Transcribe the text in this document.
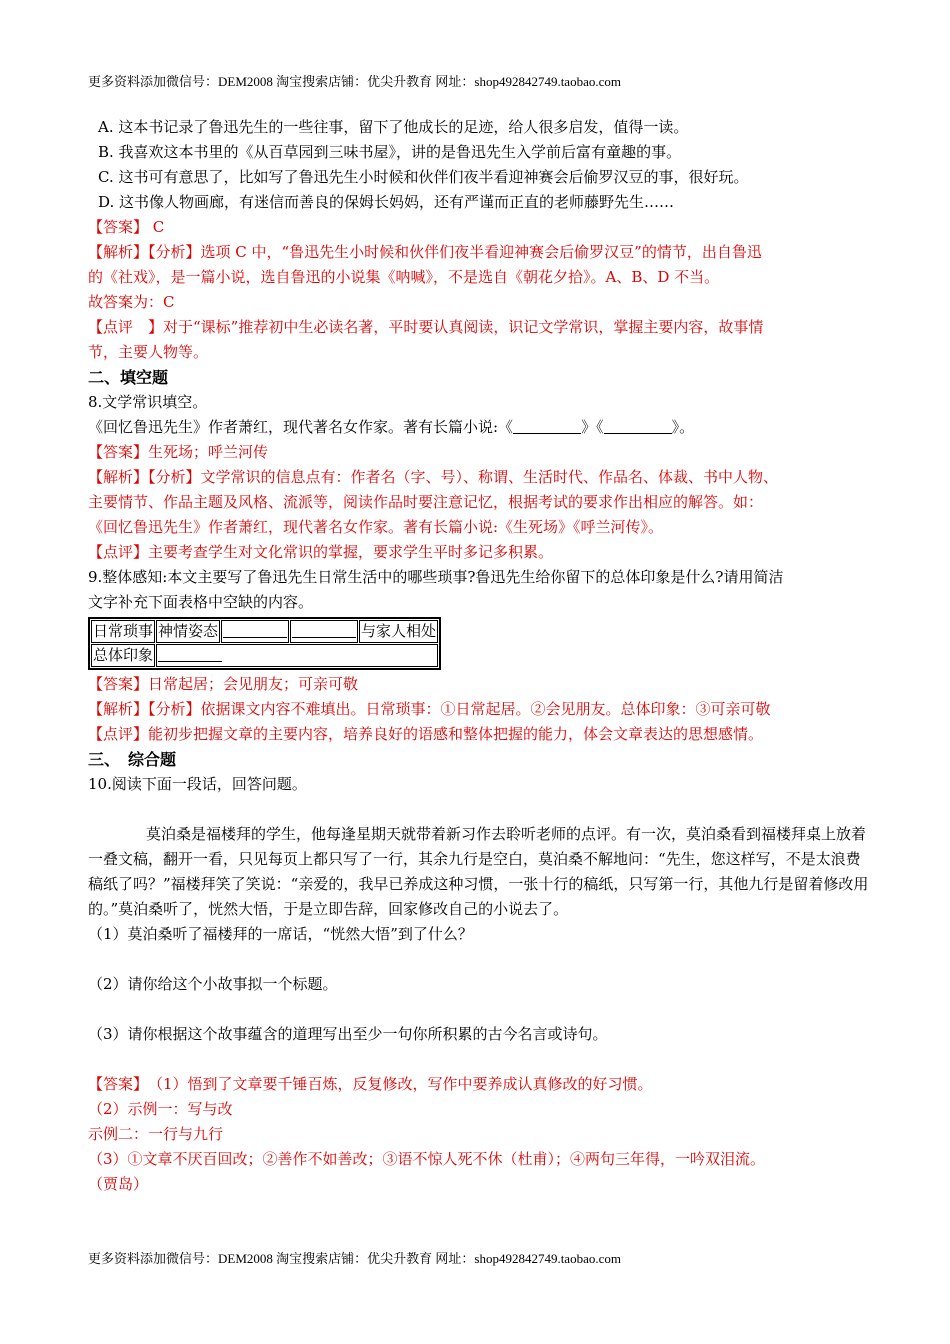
更多资料添加微信号：DEM2008 淘宝搜索店铺：优尖升教育 网址：shop492842749.taobao.com
A. 这本书记录了鲁迅先生的一些往事，留下了他成长的足迹，给人很多启发，值得一读。
B. 我喜欢这本书里的《从百草园到三味书屋》，讲的是鲁迅先生入学前后富有童趣的事。
C. 这书可有意思了，比如写了鲁迅先生小时候和伙伴们夜半看迎神赛会后偷罗汉豆的事，很好玩。
D. 这书像人物画廊，有迷信而善良的保姆长妈妈，还有严谨而正直的老师藤野先生……
【答案】 C
【解析】【分析】选项 C 中，“鲁迅先生小时候和伙伴们夜半看迎神赛会后偷罗汉豆”的情节，出自鲁迅
的《社戏》，是一篇小说，选自鲁迅的小说集《呐喊》，不是选自《朝花夕拾》。A、B、D 不当。
故答案为：C
【点评　】对于“课标”推荐初中生必读名著，平时要认真阅读，识记文学常识，掌握主要内容，故事情
节，主要人物等。
二、填空题
8.文学常识填空。
《回忆鲁迅先生》作者萧红，现代著名女作家。著有长篇小说:《	》《	》。
【答案】生死场；呼兰河传
【解析】【分析】文学常识的信息点有：作者名（字、号）、称谓、生活时代、作品名、体裁、书中人物、
主要情节、作品主题及风格、流派等，阅读作品时要注意记忆，根据考试的要求作出相应的解答。如：
《回忆鲁迅先生》作者萧红，现代著名女作家。著有长篇小说:《生死场》《呼兰河传》。
【点评】主要考查学生对文化常识的掌握，要求学生平时多记多积累。
9.整体感知:本文主要写了鲁迅先生日常生活中的哪些琐事?鲁迅先生给你留下的总体印象是什么?请用简洁
文字补充下面表格中空缺的内容。
日常琐事	神情姿态			与家人相处
总体印象				
【答案】日常起居；会见朋友；可亲可敬
【解析】【分析】依据课文内容不难填出。日常琐事：①日常起居。②会见朋友。总体印象：③可亲可敬
【点评】能初步把握文章的主要内容，培养良好的语感和整体把握的能力，体会文章表达的思想感情。
三、　综合题
10.阅读下面一段话，回答问题。
莫泊桑是福楼拜的学生，他每逢星期天就带着新习作去聆听老师的点评。有一次，莫泊桑看到福楼拜桌上放着一叠文稿，翻开一看，只见每页上都只写了一行，其余九行是空白，莫泊桑不解地问：“先生，您这样写，不是太浪费稿纸了吗？”福楼拜笑了笑说：“亲爱的，我早已养成这种习惯，一张十行的稿纸，只写第一行，其他九行是留着修改用的。”莫泊桑听了，恍然大悟，于是立即告辞，回家修改自己的小说去了。
（1）莫泊桑听了福楼拜的一席话，“恍然大悟”到了什么？
（2）请你给这个小故事拟一个标题。
（3）请你根据这个故事蕴含的道理写出至少一句你所积累的古今名言或诗句。
【答案】　（1）悟到了文章要千锤百炼，反复修改，写作中要养成认真修改的好习惯。
（2）示例一：写与改
示例二：一行与九行
（3）①文章不厌百回改；②善作不如善改；③语不惊人死不休（杜甫）；④两句三年得，一吟双泪流。
（贾岛）
更多资料添加微信号：DEM2008 淘宝搜索店铺：优尖升教育 网址：shop492842749.taobao.com
